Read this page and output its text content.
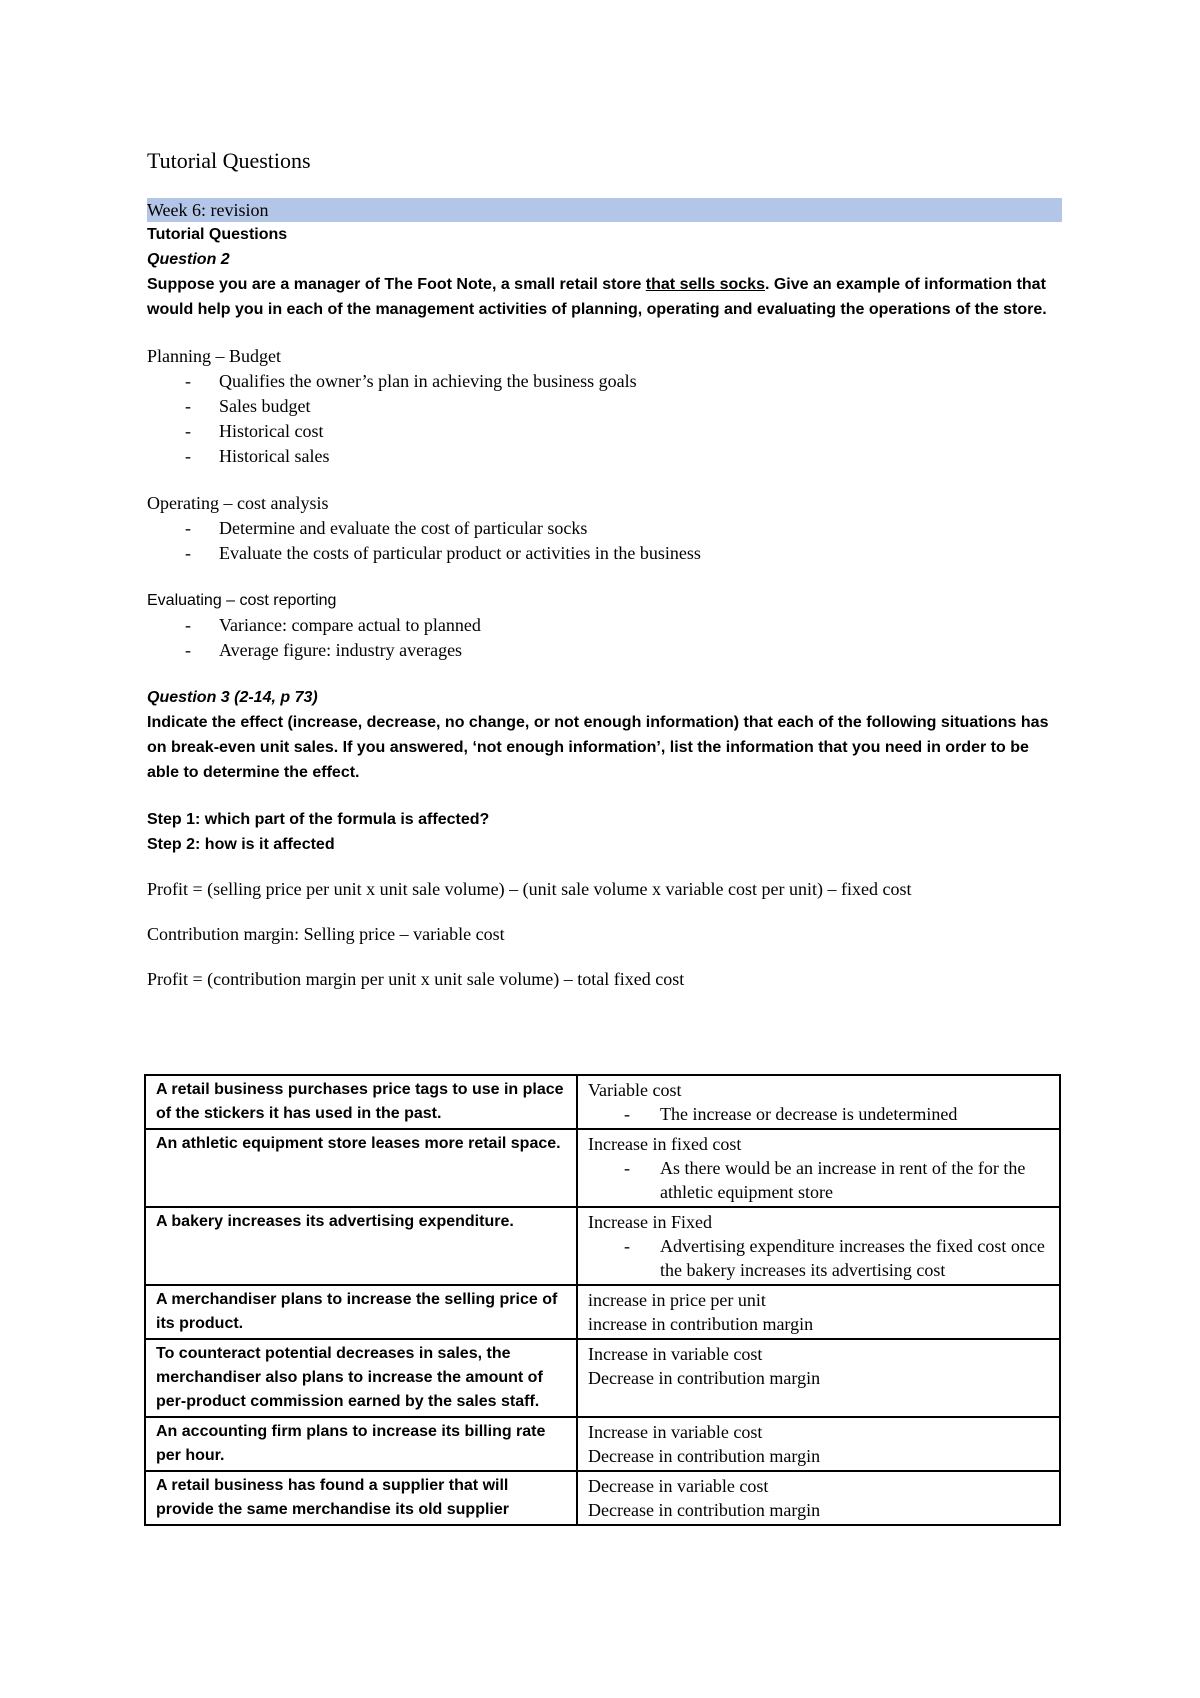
Tutorial Questions

Week 6: revision

Tutorial Questions

Question 2

Suppose you are a manager of The Foot Note, a small retail store that sells socks. Give an example of information that would help you in each of the management activities of planning, operating and evaluating the operations of the store.

Planning – Budget

- Qualifies the owner’s plan in achieving the business goals
- Sales budget
- Historical cost
- Historical sales

Operating – cost analysis

- Determine and evaluate the cost of particular socks
- Evaluate the costs of particular product or activities in the business

Evaluating – cost reporting

- Variance: compare actual to planned
- Average figure: industry averages

Question 3 (2-14, p 73)

Indicate the effect (increase, decrease, no change, or not enough information) that each of the following situations has on break-even unit sales. If you answered, ‘not enough information’, list the information that you need in order to be able to determine the effect.

Step 1: which part of the formula is affected?

Step 2: how is it affected

Profit = (selling price per unit x unit sale volume) – (unit sale volume x variable cost per unit) – fixed cost

Contribution margin: Selling price – variable cost

Profit = (contribution margin per unit x unit sale volume) – total fixed cost

A retail business purchases price tags to use in place of the stickers it has used in the past.	Variable cost
- The increase or decrease is undetermined

An athletic equipment store leases more retail space.	Increase in fixed cost
- As there would be an increase in rent of the for the athletic equipment store

A bakery increases its advertising expenditure.	Increase in Fixed
- Advertising expenditure increases the fixed cost once the bakery increases its advertising cost

A merchandiser plans to increase the selling price of its product.	increase in price per unit
increase in contribution margin

To counteract potential decreases in sales, the merchandiser also plans to increase the amount of per-product commission earned by the sales staff.	Increase in variable cost
Decrease in contribution margin

An accounting firm plans to increase its billing rate per hour.	Increase in variable cost
Decrease in contribution margin

A retail business has found a supplier that will provide the same merchandise its old supplier	Decrease in variable cost
Decrease in contribution margin
